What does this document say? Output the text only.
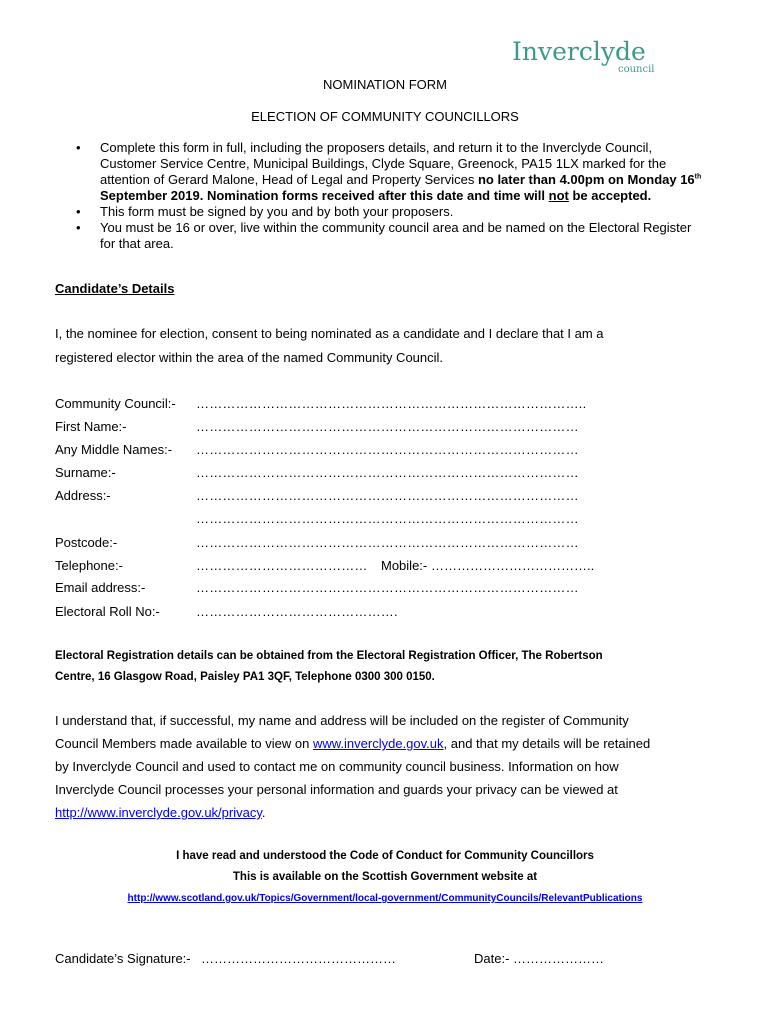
Inverclyde
council
NOMINATION FORM
ELECTION OF COMMUNITY COUNCILLORS
• Complete this form in full, including the proposers details, and return it to the Inverclyde Council, Customer Service Centre, Municipal Buildings, Clyde Square, Greenock, PA15 1LX marked for the attention of Gerard Malone, Head of Legal and Property Services no later than 4.00pm on Monday 16th September 2019. Nomination forms received after this date and time will not be accepted.
• This form must be signed by you and by both your proposers.
• You must be 16 or over, live within the community council area and be named on the Electoral Register for that area.
Candidate’s Details
I, the nominee for election, consent to being nominated as a candidate and I declare that I am a
registered elector within the area of the named Community Council.
Community Council:- ……………………………………………………………………………..
First Name:-	……………………………………………………………………………
Any Middle Names:- ……………………………………………………………………………
Surname:-	……………………………………………………………………………
Address:-	……………………………………………………………………………
……………………………………………………………………………
Postcode:-	……………………………………………………………………………
Telephone:-	………………………………… Mobile:- ………………………………..
Email address:-	……………………………………………………………………………
Electoral Roll No:-	……………………………………….
Electoral Registration details can be obtained from the Electoral Registration Officer, The Robertson
Centre, 16 Glasgow Road, Paisley PA1 3QF, Telephone 0300 300 0150.
I understand that, if successful, my name and address will be included on the register of Community
Council Members made available to view on www.inverclyde.gov.uk, and that my details will be retained
by Inverclyde Council and used to contact me on community council business. Information on how
Inverclyde Council processes your personal information and guards your privacy can be viewed at
http://www.inverclyde.gov.uk/privacy.
I have read and understood the Code of Conduct for Community Councillors
This is available on the Scottish Government website at
http://www.scotland.gov.uk/Topics/Government/local-government/CommunityCouncils/RelevantPublications
Candidate’s Signature:- ………………………………………	Date:- …………………
